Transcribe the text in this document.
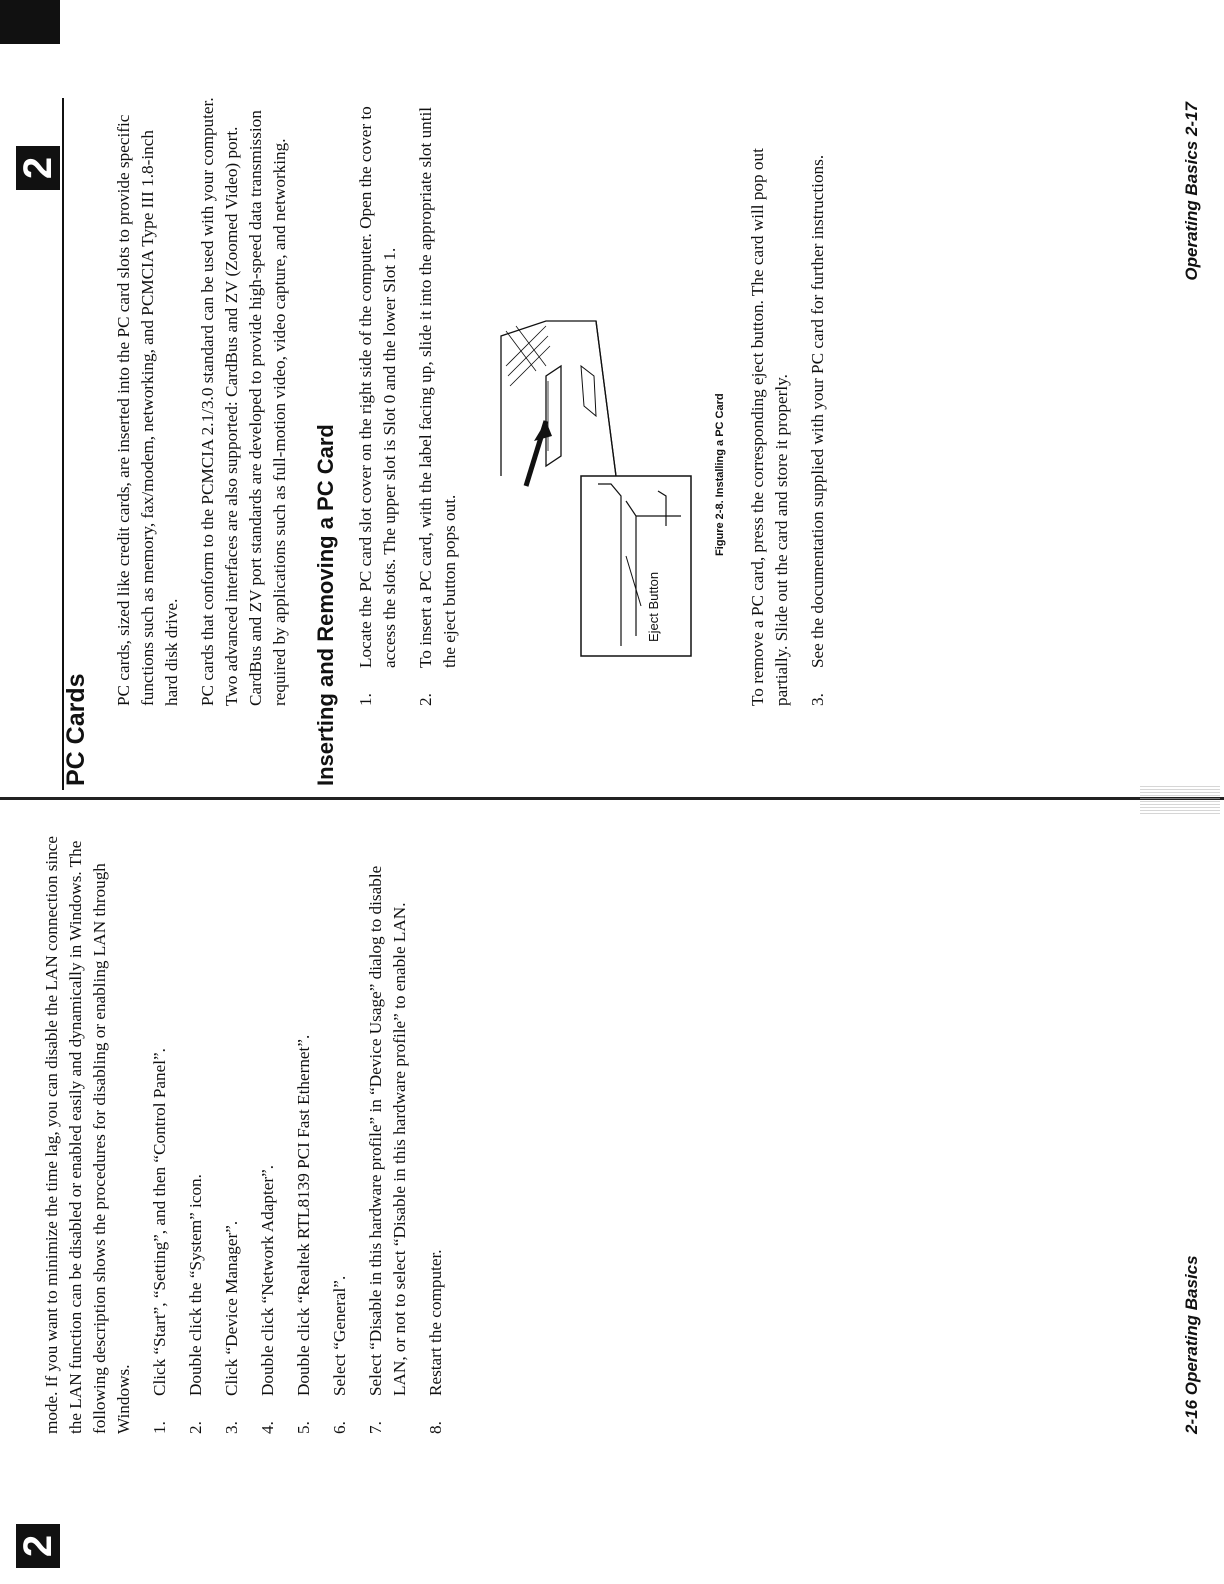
2

mode. If you want to minimize the time lag, you can disable the LAN connection since the LAN function can be disabled or enabled easily and dynamically in Windows. The following description shows the procedures for disabling or enabling LAN through Windows. 1.
Click “Start”, “Setting”, and then “Control Panel”.
2.
Double click the “System” icon.
3.
Click “Device Manager”.
4.
Double click “Network Adapter”.
5.
Double click “Realtek RTL8139 PCI Fast Ethernet”.
6.
Select “General”.
7.
Select “Disable in this hardware profile” in “Device Usage” dialog to disable LAN, or not to select “Disable in this hardware profile” to enable LAN.
8.
Restart the computer.	2-16 Operating Basics
PC Cards
2	PC cards, sized like credit cards, are inserted into the PC card slots to provide specific functions such as memory, fax/modem, networking, and PCMCIA Type III 1.8-inch hard disk drive. PC cards that conform to the PCMCIA 2.1/3.0 standard can be used with your computer. Two advanced interfaces are also supported: CardBus and ZV (Zoomed Video) port. CardBus and ZV port standards are developed to provide high-speed data transmission required by applications such as full-motion video, video capture, and networking. Inserting and Removing a PC Card 1.
Locate the PC card slot cover on the right side of the computer. Open the cover to access the slots. The upper slot is Slot 0 and the lower Slot 1.
2.
To insert a PC card, with the label facing up, slide it into the appropriate slot until the eject button pops out.	Eject Button
Figure 2-8. Installing a PC Card	To remove a PC card, press the corresponding eject button. The card will pop out partially. Slide out the card and store it properly. 3.
See the documentation supplied with your PC card for further instructions.	Operating Basics 2-17
